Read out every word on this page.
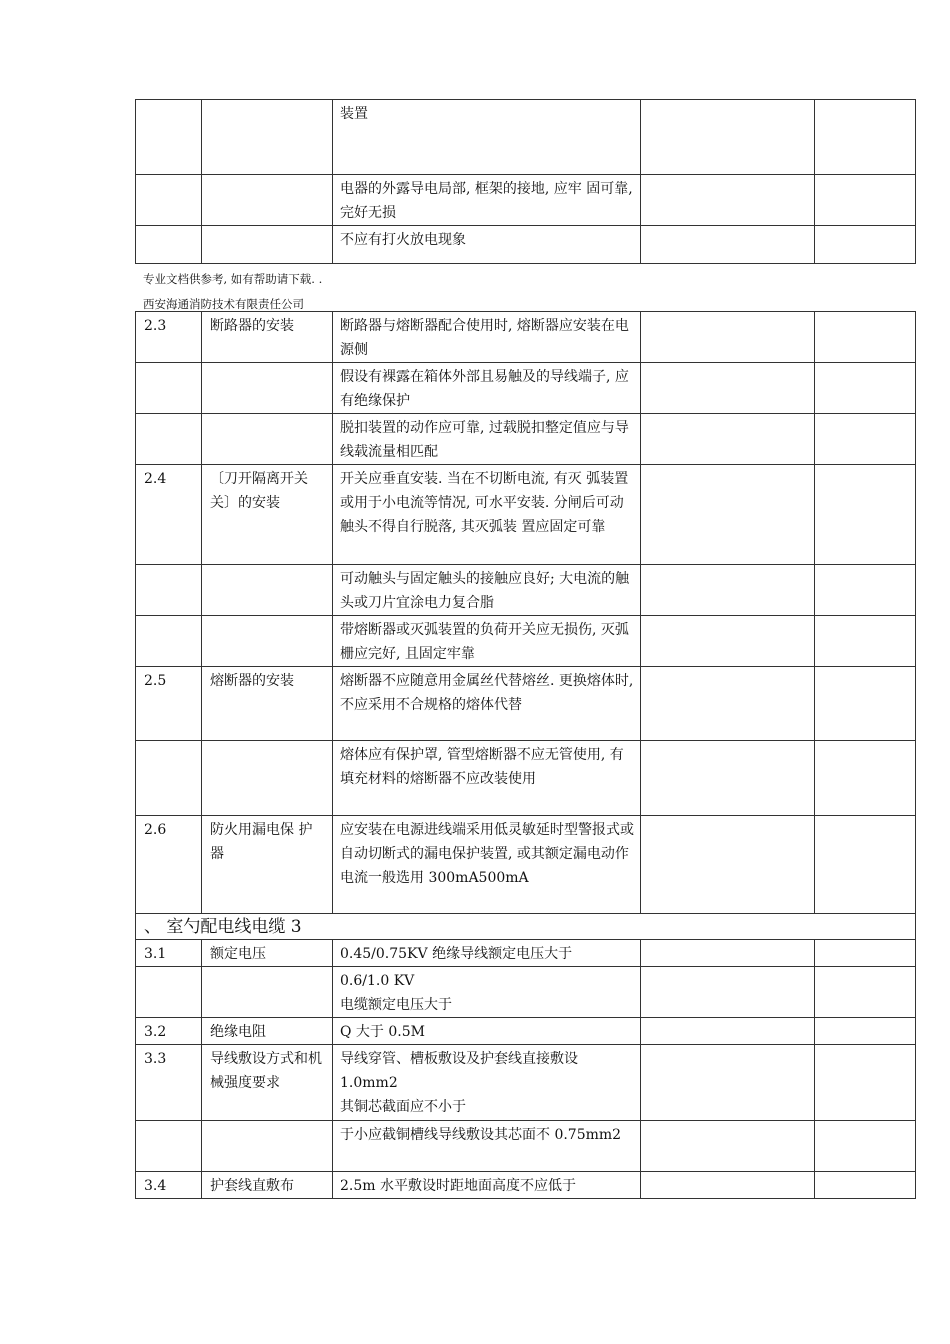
		装置		
		电器的外露导电局部, 框架的接地, 应牢 固可靠, 完好无损		
		不应有打火放电现象		
专业文档供参考, 如有帮助请下载. .
西安海通消防技术有限责任公司
2.3	断路器的安装	断路器与熔断器配合使用时, 熔断器应安装在电源侧		
		假设有裸露在箱体外部且易触及的导线端子, 应有绝缘保护		
		脱扣装置的动作应可靠, 过载脱扣整定值应与导线载流量相匹配		
2.4	〔刀开隔离开关关〕的安装	开关应垂直安装. 当在不切断电流, 有灭 弧装置或用于小电流等情况, 可水平安装. 分闸后可动触头不得自行脱落, 其灭弧装 置应固定可靠		
		可动触头与固定触头的接触应良好; 大电流的触头或刀片宜涂电力复合脂		
		带熔断器或灭弧装置的负荷开关应无损伤, 灭弧栅应完好, 且固定牢靠		
2.5	熔断器的安装	熔断器不应随意用金属丝代替熔丝. 更换熔体时, 不应采用不合规格的熔体代替		
		熔体应有保护罩, 管型熔断器不应无管使用, 有填充材料的熔断器不应改装使用		
2.6	防火用漏电保 护器	应安装在电源进线端采用低灵敏延时型警报式或自动切断式的漏电保护装置, 或其额定漏电动作电流一般选用 300mA500mA		
、 室勺配电线电缆 3				
3.1	额定电压	0.45/0.75KV 绝缘导线额定电压大于		
		0.6/1.0 KV
电缆额定电压大于		
3.2	绝缘电阻	Q 大于 0.5M		
3.3	导线敷设方式和机械强度要求	导线穿管、槽板敷设及护套线直接敷设 1.0mm2
其铜芯截面应不小于		
		于小应截铜槽线导线敷设其芯面不 0.75mm2		
3.4	护套线直敷布	2.5m 水平敷设时距地面高度不应低于		
